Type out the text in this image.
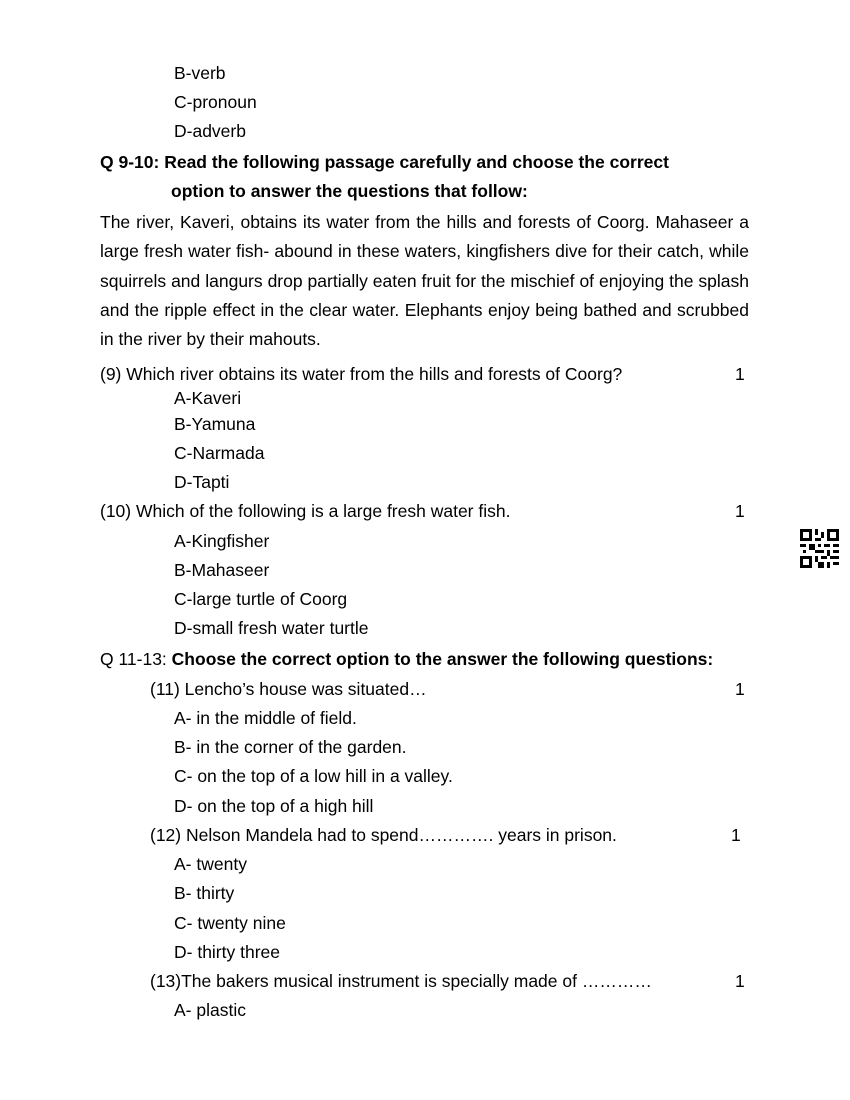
B-verb
C-pronoun
D-adverb
Q 9-10: Read the following passage carefully and choose the correct
option to answer the questions that follow:
The river, Kaveri, obtains its water from the hills and forests of Coorg. Mahaseer a large fresh water fish- abound in these waters, kingfishers dive for their catch, while squirrels and langurs drop partially eaten fruit for the mischief of enjoying the splash and the ripple effect in the clear water. Elephants enjoy being bathed and scrubbed in the river by their mahouts.
(9) Which river obtains its water from the hills and forests of Coorg?	1
A-Kaveri
B-Yamuna
C-Narmada
D-Tapti
(10) Which of the following is a large fresh water fish.	1
A-Kingfisher
B-Mahaseer
C-large turtle of Coorg
D-small fresh water turtle
Q 11-13: Choose the correct option to the answer the following questions:
(11) Lencho’s house was situated…	1
A- in the middle of field.
B- in the corner of the garden.
C- on the top of a low hill in a valley.
D- on the top of a high hill
(12) Nelson Mandela had to spend…………. years in prison.	1
A- twenty
B- thirty
C- twenty nine
D- thirty three
(13)The bakers musical instrument is specially made of …………	1
A- plastic
